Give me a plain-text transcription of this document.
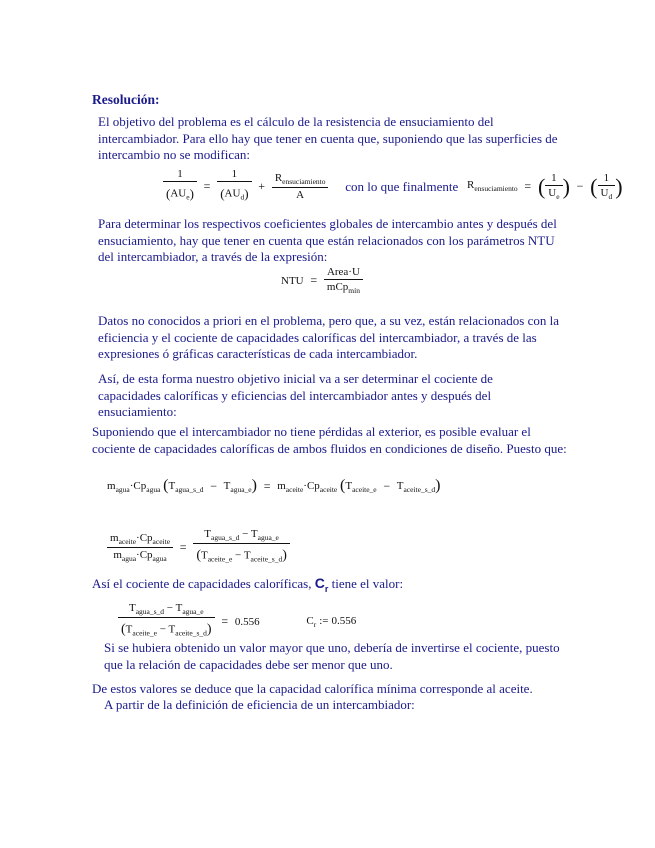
Resolución:
El objetivo del problema es el cálculo de la resistencia de ensuciamiento del intercambiador. Para ello hay que tener en cuenta que, suponiendo que las superficies de intercambio no se modifican:
$\frac{1}{(AU_e)} = \frac{1}{(AU_d)} + \frac{R_{ensuciamiento}}{A}$ con lo que finalmente $R_{ensuciamiento}$ = ( $\frac{1}{U_e}$ ) − ( $\frac{1}{U_d}$ )
Para determinar los respectivos coeficientes globales de intercambio antes y después del ensuciamiento, hay que tener en cuenta que están relacionados con los parámetros NTU del intercambiador, a través de la expresión:
NTU = $\frac{\text{Area·U}}{mCp_{mín}}$
Datos no conocidos a priori en el problema, pero que, a su vez, están relacionados con la eficiencia y el cociente de capacidades caloríficas del intercambiador, a través de las expresiones ó gráficas características de cada intercambiador.
Así, de esta forma nuestro objetivo inicial va a ser determinar el cociente de capacidades caloríficas y eficiencias del intercambiador antes y después del ensuciamiento:
Suponiendo que el intercambiador no tiene pérdidas al exterior, es posible evaluar el cociente de capacidades caloríficas de ambos fluidos en condiciones de diseño. Puesto que:
$m_{agua}\cdot Cp_{agua}$ $(T_{agua\_s\_d} - T_{agua\_e}) = m_{aceite}\cdot Cp_{aceite}$ $(T_{aceite\_e} - T_{aceite\_s\_d})$
$\frac{m_{aceite}\cdot Cp_{aceite}}{m_{agua}\cdot Cp_{agua}} = \frac{T_{agua\_s\_d} - T_{agua\_e}}{(T_{aceite\_e} - T_{aceite\_s\_d})}$
Así el cociente de capacidades caloríficas, $C_r$ tiene el valor:
$\frac{T_{agua\_s\_d} - T_{agua\_e}}{(T_{aceite\_e} - T_{aceite\_s\_d})} = 0.556$	$C_r$ := 0.556
Si se hubiera obtenido un valor mayor que uno, debería de invertirse el cociente, puesto que la relación de capacidades debe ser menor que uno.
De estos valores se deduce que la capacidad calorífica mínima corresponde al aceite.
A partir de la definición de eficiencia de un intercambiador:
